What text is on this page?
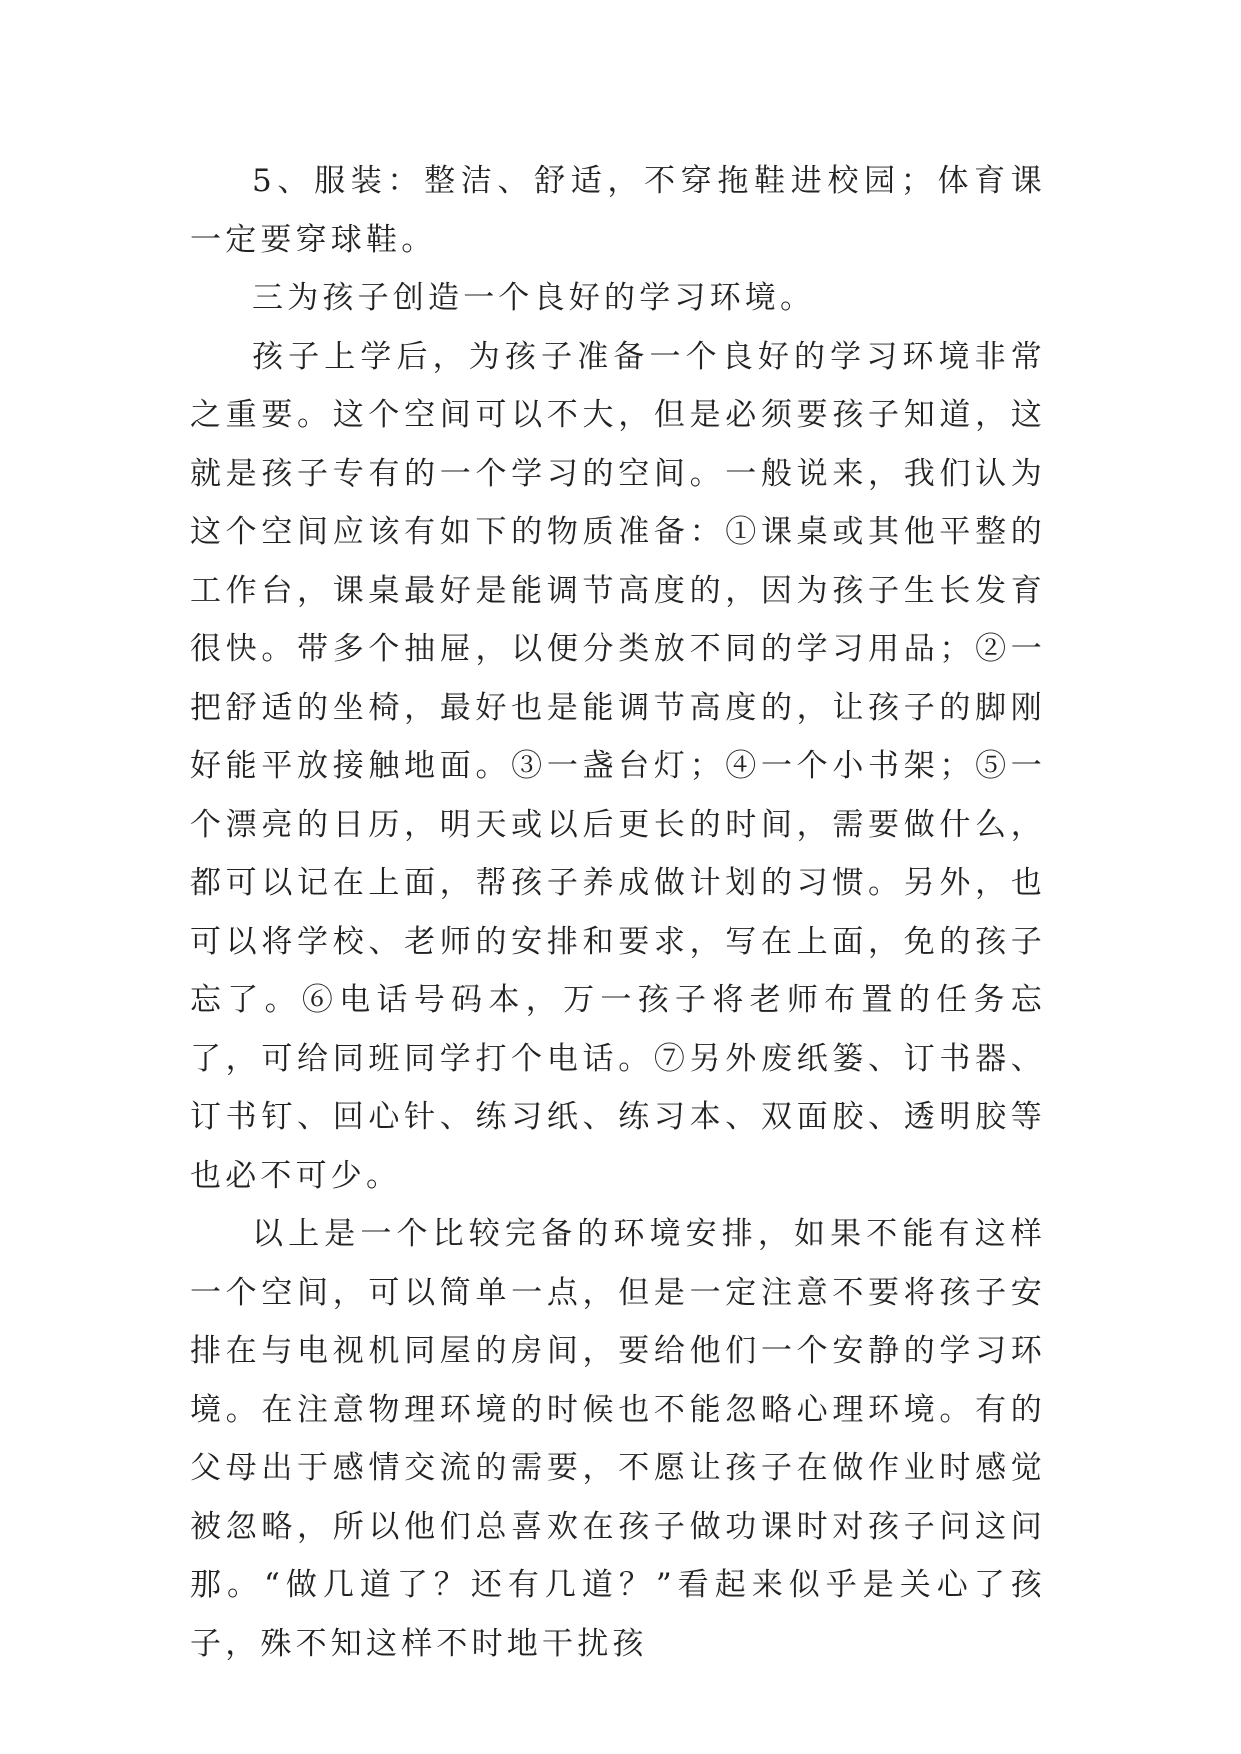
5、服装：整洁、舒适，不穿拖鞋进校园；体育课一定要穿球鞋。

三为孩子创造一个良好的学习环境。

孩子上学后，为孩子准备一个良好的学习环境非常之重要。这个空间可以不大，但是必须要孩子知道，这就是孩子专有的一个学习的空间。一般说来，我们认为这个空间应该有如下的物质准备：①课桌或其他平整的工作台，课桌最好是能调节高度的，因为孩子生长发育很快。带多个抽屉，以便分类放不同的学习用品；②一把舒适的坐椅，最好也是能调节高度的，让孩子的脚刚好能平放接触地面。③一盏台灯；④一个小书架；⑤一个漂亮的日历，明天或以后更长的时间，需要做什么，都可以记在上面，帮孩子养成做计划的习惯。另外，也可以将学校、老师的安排和要求，写在上面，免的孩子忘了。⑥电话号码本，万一孩子将老师布置的任务忘了，可给同班同学打个电话。⑦另外废纸篓、订书器、订书钉、回心针、练习纸、练习本、双面胶、透明胶等也必不可少。

以上是一个比较完备的环境安排，如果不能有这样一个空间，可以简单一点，但是一定注意不要将孩子安排在与电视机同屋的房间，要给他们一个安静的学习环境。在注意物理环境的时候也不能忽略心理环境。有的父母出于感情交流的需要，不愿让孩子在做作业时感觉被忽略，所以他们总喜欢在孩子做功课时对孩子问这问那。“做几道了？还有几道？”看起来似乎是关心了孩子，殊不知这样不时地干扰孩
